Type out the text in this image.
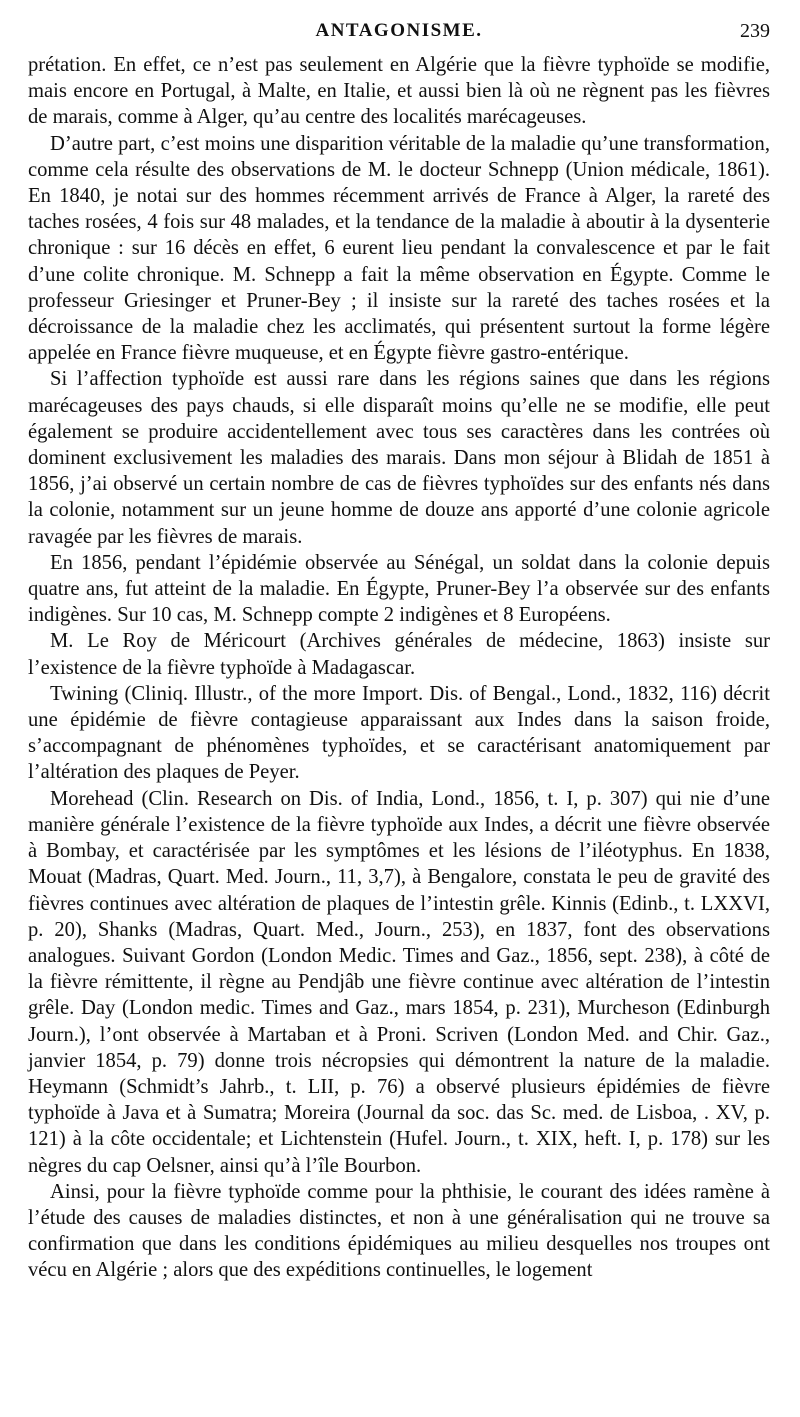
ANTAGONISME.	239

prétation. En effet, ce n’est pas seulement en Algérie que la fièvre typhoïde se modifie, mais encore en Portugal, à Malte, en Italie, et aussi bien là où ne règnent pas les fièvres de marais, comme à Alger, qu’au centre des localités marécageuses.

D’autre part, c’est moins une disparition véritable de la maladie qu’une transformation, comme cela résulte des observations de M. le docteur Schnepp (Union médicale, 1861). En 1840, je notai sur des hommes récemment arrivés de France à Alger, la rareté des taches rosées, 4 fois sur 48 malades, et la tendance de la maladie à aboutir à la dysenterie chronique : sur 16 décès en effet, 6 eurent lieu pendant la convalescence et par le fait d’une colite chronique. M. Schnepp a fait la même observation en Égypte. Comme le professeur Griesinger et Pruner-Bey ; il insiste sur la rareté des taches rosées et la décroissance de la maladie chez les acclimatés, qui présentent surtout la forme légère appelée en France fièvre muqueuse, et en Égypte fièvre gastro-entérique.

Si l’affection typhoïde est aussi rare dans les régions saines que dans les régions marécageuses des pays chauds, si elle disparaît moins qu’elle ne se modifie, elle peut également se produire accidentellement avec tous ses caractères dans les contrées où dominent exclusivement les maladies des marais. Dans mon séjour à Blidah de 1851 à 1856, j’ai observé un certain nombre de cas de fièvres typhoïdes sur des enfants nés dans la colonie, notamment sur un jeune homme de douze ans apporté d’une colonie agricole ravagée par les fièvres de marais.

En 1856, pendant l’épidémie observée au Sénégal, un soldat dans la colonie depuis quatre ans, fut atteint de la maladie. En Égypte, Pruner-Bey l’a observée sur des enfants indigènes. Sur 10 cas, M. Schnepp compte 2 indigènes et 8 Européens.

M. Le Roy de Méricourt (Archives générales de médecine, 1863) insiste sur l’existence de la fièvre typhoïde à Madagascar.

Twining (Cliniq. Illustr., of the more Import. Dis. of Bengal., Lond., 1832, 116) décrit une épidémie de fièvre contagieuse apparaissant aux Indes dans la saison froide, s’accompagnant de phénomènes typhoïdes, et se caractérisant anatomiquement par l’altération des plaques de Peyer.

Morehead (Clin. Research on Dis. of India, Lond., 1856, t. I, p. 307) qui nie d’une manière générale l’existence de la fièvre typhoïde aux Indes, a décrit une fièvre observée à Bombay, et caractérisée par les symptômes et les lésions de l’iléotyphus. En 1838, Mouat (Madras, Quart. Med. Journ., 11, 3,7), à Bengalore, constata le peu de gravité des fièvres continues avec altération de plaques de l’intestin grêle. Kinnis (Edinb., t. LXXVI, p. 20), Shanks (Madras, Quart. Med., Journ., 253), en 1837, font des observations analogues. Suivant Gordon (London Medic. Times and Gaz., 1856, sept. 238), à côté de la fièvre rémittente, il règne au Pendjâb une fièvre continue avec altération de l’intestin grêle. Day (London medic. Times and Gaz., mars 1854, p. 231), Murcheson (Edinburgh Journ.), l’ont observée à Martaban et à Proni. Scriven (London Med. and Chir. Gaz., janvier 1854, p. 79) donne trois nécropsies qui démontrent la nature de la maladie. Heymann (Schmidt’s Jahrb., t. LII, p. 76) a observé plusieurs épidémies de fièvre typhoïde à Java et à Sumatra; Moreira (Journal da soc. das Sc. med. de Lisboa, . XV, p. 121) à la côte occidentale; et Lichtenstein (Hufel. Journ., t. XIX, heft. I, p. 178) sur les nègres du cap Oelsner, ainsi qu’à l’île Bourbon.

Ainsi, pour la fièvre typhoïde comme pour la phthisie, le courant des idées ramène à l’étude des causes de maladies distinctes, et non à une généralisation qui ne trouve sa confirmation que dans les conditions épidémiques au milieu desquelles nos troupes ont vécu en Algérie ; alors que des expéditions continuelles, le logement
